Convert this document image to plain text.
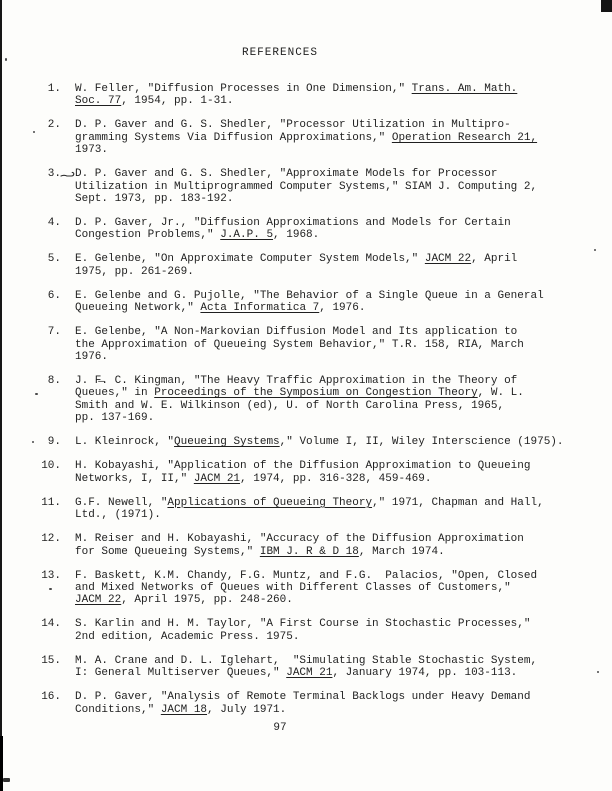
REFERENCES
1. W. Feller, "Diffusion Processes in One Dimension," Trans. Am. Math.
Soc. 77, 1954, pp. 1-31.
2. D. P. Gaver and G. S. Shedler, "Processor Utilization in Multipro-
gramming Systems Via Diffusion Approximations," Operation Research 21,
1973.
3. D. P. Gaver and G. S. Shedler, "Approximate Models for Processor
Utilization in Multiprogrammed Computer Systems," SIAM J. Computing 2,
Sept. 1973, pp. 183-192.
4. D. P. Gaver, Jr., "Diffusion Approximations and Models for Certain
Congestion Problems," J.A.P. 5, 1968.
5. E. Gelenbe, "On Approximate Computer System Models," JACM 22, April
1975, pp. 261-269.
6. E. Gelenbe and G. Pujolle, "The Behavior of a Single Queue in a General
Queueing Network," Acta Informatica 7, 1976.
7. E. Gelenbe, "A Non-Markovian Diffusion Model and Its application to
the Approximation of Queueing System Behavior," T.R. 158, RIA, March
1976.
8. J. F̶. C. Kingman, "The Heavy Traffic Approximation in the Theory of
Queues," in Proceedings of the Symposium on Congestion Theory, W. L.
Smith and W. E. Wilkinson (ed), U. of North Carolina Press, 1965,
pp. 137-169.
9. L. Kleinrock, "Queueing Systems," Volume I, II, Wiley Interscience (1975).
10. H. Kobayashi, "Application of the Diffusion Approximation to Queueing
Networks, I, II," JACM 21, 1974, pp. 316-328, 459-469.
11. G.F. Newell, "Applications of Queueing Theory," 1971, Chapman and Hall,
Ltd., (1971).
12. M. Reiser and H. Kobayashi, "Accuracy of the Diffusion Approximation
for Some Queueing Systems," IBM J. R & D 18, March 1974.
13. F. Baskett, K.M. Chandy, F.G. Muntz, and F.G.  Palacios, "Open, Closed
and Mixed Networks of Queues with Different Classes of Customers,"
JACM 22, April 1975, pp. 248-260.
14. S. Karlin and H. M. Taylor, "A First Course in Stochastic Processes,"
2nd edition, Academic Press. 1975.
15. M. A. Crane and D. L. Iglehart,  "Simulating Stable Stochastic System,
I: General Multiserver Queues," JACM 21, January 1974, pp. 103-113.
16. D. P. Gaver, "Analysis of Remote Terminal Backlogs under Heavy Demand
Conditions," JACM 18, July 1971.
97
